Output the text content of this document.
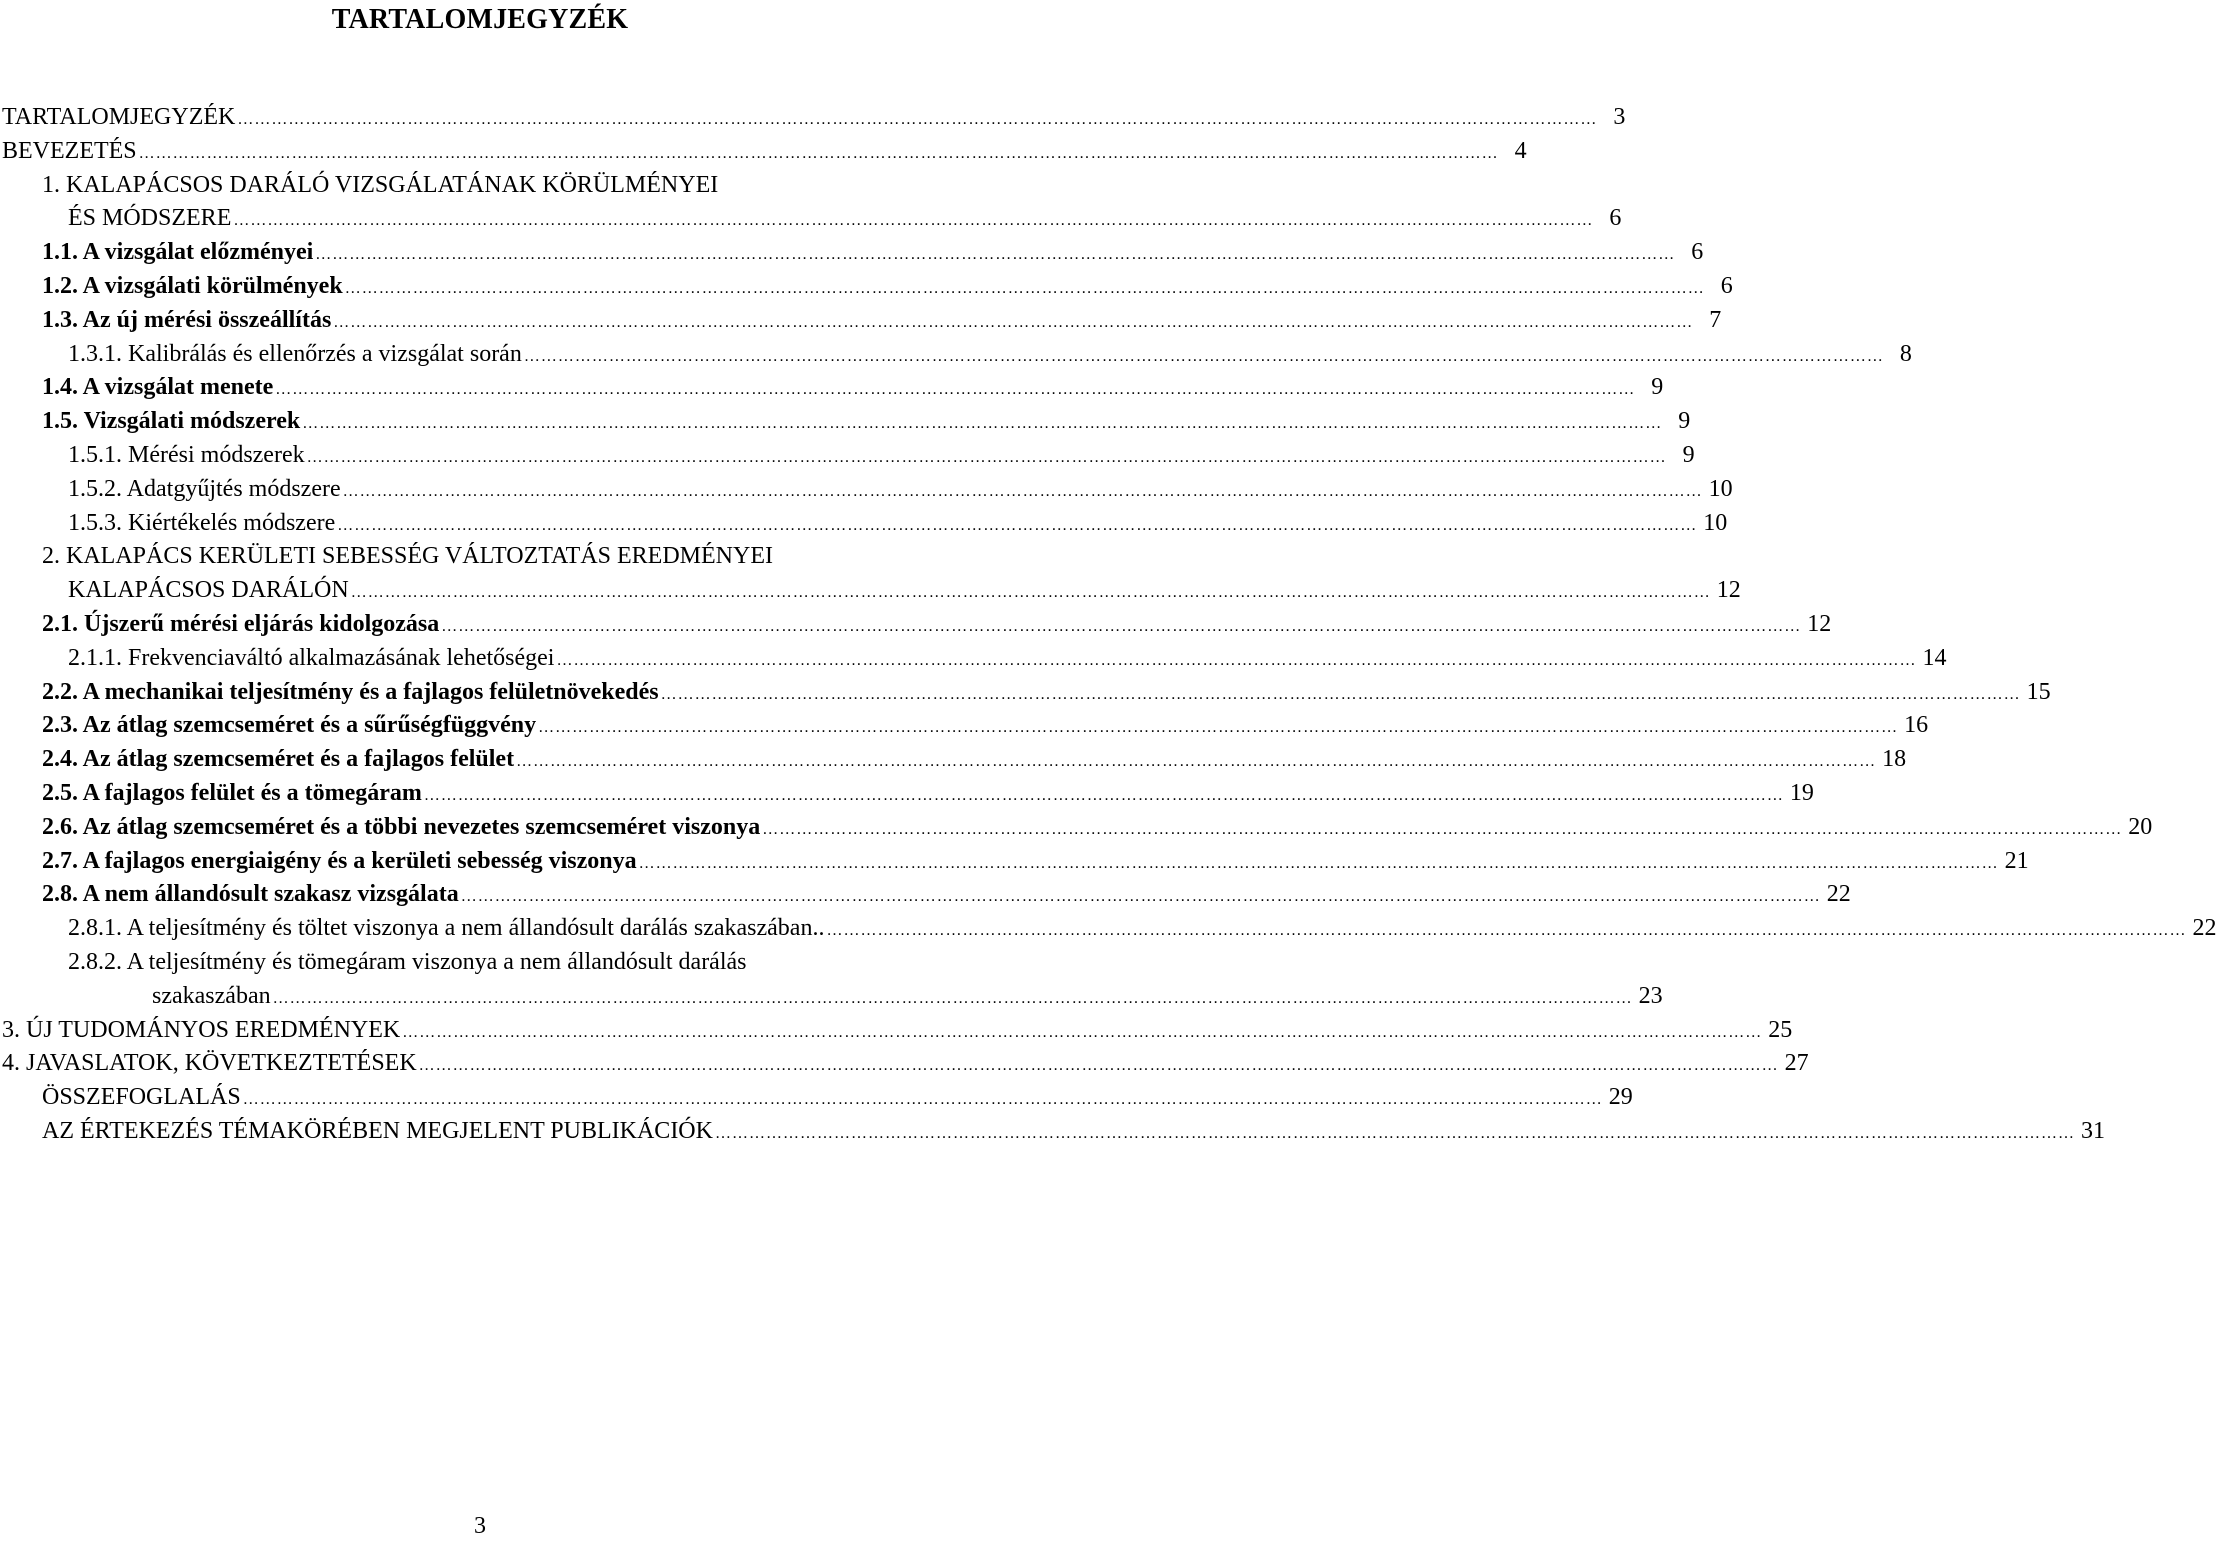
TARTALOMJEGYZÉK
TARTALOMJEGYZÉK …………………………………………………………………………………………………………………………………………………………………………………………………………………… 3
BEVEZETÉS …………………………………………………………………………………………………………………………………………………………………………………………………………………… 4
1. KALAPÁCSOS DARÁLÓ VIZSGÁLATÁNAK KÖRÜLMÉNYEI
ÉS MÓDSZERE …………………………………………………………………………………………………………………………………………………………………………………………………………………… 6
1.1. A vizsgálat előzményei …………………………………………………………………………………………………………………………………………………………………………………………………………………… 6
1.2. A vizsgálati körülmények …………………………………………………………………………………………………………………………………………………………………………………………………………………… 6
1.3. Az új mérési összeállítás …………………………………………………………………………………………………………………………………………………………………………………………………………………… 7
1.3.1. Kalibrálás és ellenőrzés a vizsgálat során …………………………………………………………………………………………………………………………………………………………………………………………………………………… 8
1.4. A vizsgálat menete …………………………………………………………………………………………………………………………………………………………………………………………………………………… 9
1.5. Vizsgálati módszerek …………………………………………………………………………………………………………………………………………………………………………………………………………………… 9
1.5.1. Mérési módszerek …………………………………………………………………………………………………………………………………………………………………………………………………………………… 9
1.5.2. Adatgyűjtés módszere …………………………………………………………………………………………………………………………………………………………………………………………………………………… 10
1.5.3. Kiértékelés módszere …………………………………………………………………………………………………………………………………………………………………………………………………………………… 10
2. KALAPÁCS KERÜLETI SEBESSÉG VÁLTOZTATÁS EREDMÉNYEI
KALAPÁCSOS DARÁLÓN …………………………………………………………………………………………………………………………………………………………………………………………………………………… 12
2.1. Újszerű mérési eljárás kidolgozása …………………………………………………………………………………………………………………………………………………………………………………………………………………… 12
2.1.1. Frekvenciaváltó alkalmazásának lehetőségei …………………………………………………………………………………………………………………………………………………………………………………………………………………… 14
2.2. A mechanikai teljesítmény és a fajlagos felületnövekedés …………………………………………………………………………………………………………………………………………………………………………………………………………………… 15
2.3. Az átlag szemcseméret és a sűrűségfüggvény …………………………………………………………………………………………………………………………………………………………………………………………………………………… 16
2.4. Az átlag szemcseméret és a fajlagos felület …………………………………………………………………………………………………………………………………………………………………………………………………………………… 18
2.5. A fajlagos felület és a tömegáram …………………………………………………………………………………………………………………………………………………………………………………………………………………… 19
2.6. Az átlag szemcseméret és a többi nevezetes szemcseméret viszonya …………………………………………………………………………………………………………………………………………………………………………………………………………………… 20
2.7. A fajlagos energiaigény és a kerületi sebesség viszonya …………………………………………………………………………………………………………………………………………………………………………………………………………………… 21
2.8. A nem állandósult szakasz vizsgálata …………………………………………………………………………………………………………………………………………………………………………………………………………………… 22
2.8.1. A teljesítmény és töltet viszonya a nem állandósult darálás szakaszában.. …………………………………………………………………………………………………………………………………………………………………………………………………………………… 22
2.8.2. A teljesítmény és tömegáram viszonya a nem állandósult darálás
szakaszában …………………………………………………………………………………………………………………………………………………………………………………………………………………… 23
3. ÚJ TUDOMÁNYOS EREDMÉNYEK …………………………………………………………………………………………………………………………………………………………………………………………………………………… 25
4. JAVASLATOK, KÖVETKEZTETÉSEK …………………………………………………………………………………………………………………………………………………………………………………………………………………… 27
ÖSSZEFOGLALÁS …………………………………………………………………………………………………………………………………………………………………………………………………………………… 29
AZ ÉRTEKEZÉS TÉMAKÖRÉBEN MEGJELENT PUBLIKÁCIÓK …………………………………………………………………………………………………………………………………………………………………………………………………………………… 31
3
